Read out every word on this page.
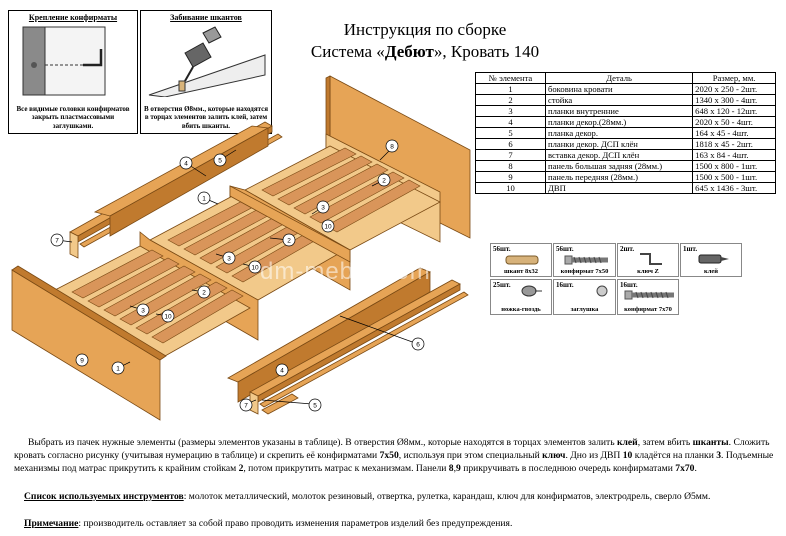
Крепление конфирматы
Все видимые головки конфирматов закрыть пластмассовыми заглушками.
Забивание шкантов
В отверстия Ø8мм., которые находятся в торцах элементов залить клей, затем вбить шканты.
Инструкция по сборке
Система «Дебют», Кровать 140
№ элемента	Деталь	Размер, мм.
1	боковина кровати	2020 x 250 - 2шт.
2	стойка	1340 x 300 - 4шт.
3	планки внутренние	648 x 120 - 12шт.
4	планки декор.(28мм.)	2020 x 50 - 4шт.
5	планка декор.	164 x 45 - 4шт.
6	планки декор. ДСП клён	1818 x 45 - 2шт.
7	вставка декор. ДСП клён	163 x 84 - 4шт.
8	панель большая задняя (28мм.)	1500 x 800 - 1шт.
9	панель передняя (28мм.)	1500 x 500 - 1шт.
10	ДВП	645 x 1436 - 3шт.
56шт.
шкант 8x32
56шт.
конфирмат 7x50
2шт.
ключ Z
1шт.
клей
25шт.
ножка-гвоздь
16шт.
заглушка
16шт.
конфирмат 7x70
8
2
4	5
1
7
3
10
2
3
10
2
3
10
9
1
6
4
5
7
dm-mebel.com
Выбрать из пачек нужные элементы (размеры элементов указаны в таблице). В отверстия Ø8мм., которые находятся в торцах элементов залить клей, затем вбить шканты. Сложить кровать согласно рисунку (учитывая нумерацию в таблице) и скрепить её конфирматами 7x50, используя при этом специальный ключ. Дно из ДВП 10 кладётся на планки 3. Подъемные механизмы под матрас прикрутить к крайним стойкам 2, потом прикрутить матрас к механизмам. Панели 8,9 прикручивать в последнюю очередь конфирматами 7x70.
Список используемых инструментов: молоток металлический, молоток резиновый, отвертка, рулетка, карандаш, ключ для конфирматов, электродрель, сверло Ø5мм.
Примечание: производитель оставляет за собой право проводить изменения параметров изделий без предупреждения.
